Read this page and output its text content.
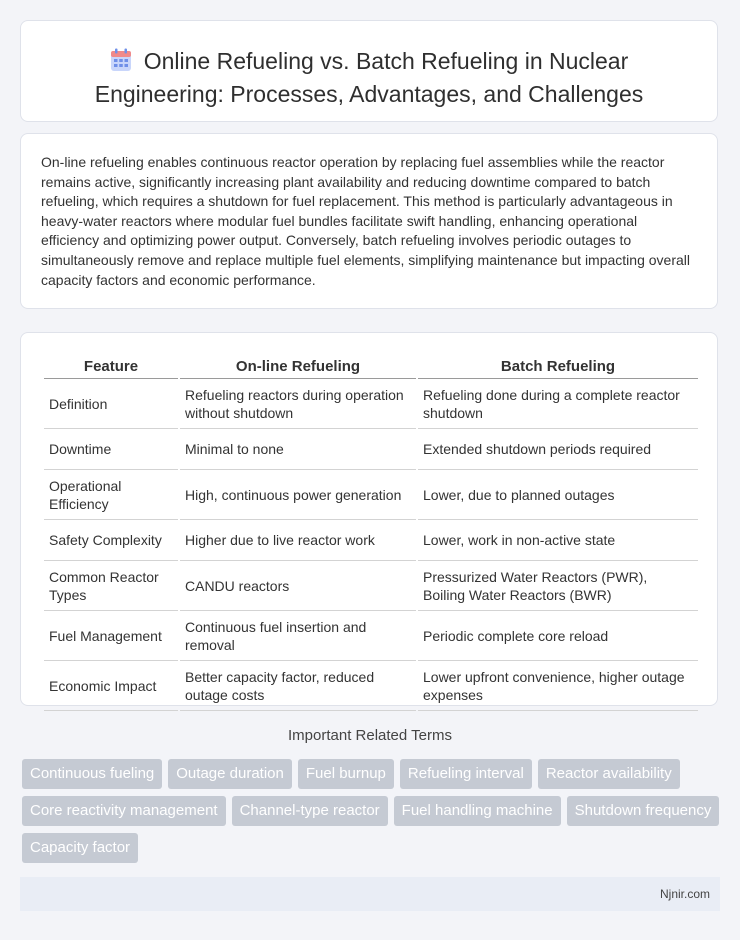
Online Refueling vs. Batch Refueling in Nuclear Engineering: Processes, Advantages, and Challenges

On-line refueling enables continuous reactor operation by replacing fuel assemblies while the reactor remains active, significantly increasing plant availability and reducing downtime compared to batch refueling, which requires a shutdown for fuel replacement. This method is particularly advantageous in heavy-water reactors where modular fuel bundles facilitate swift handling, enhancing operational efficiency and optimizing power output. Conversely, batch refueling involves periodic outages to simultaneously remove and replace multiple fuel elements, simplifying maintenance but impacting overall capacity factors and economic performance.

Feature	On-line Refueling	Batch Refueling
Definition	Refueling reactors during operation without shutdown	Refueling done during a complete reactor shutdown
Downtime	Minimal to none	Extended shutdown periods required
Operational Efficiency	High, continuous power generation	Lower, due to planned outages
Safety Complexity	Higher due to live reactor work	Lower, work in non-active state
Common Reactor Types	CANDU reactors	Pressurized Water Reactors (PWR), Boiling Water Reactors (BWR)
Fuel Management	Continuous fuel insertion and removal	Periodic complete core reload
Economic Impact	Better capacity factor, reduced outage costs	Lower upfront convenience, higher outage expenses
Important Related Terms
Continuous fueling	Outage duration	Fuel burnup	Refueling interval	Reactor availability
Core reactivity management	Channel-type reactor	Fuel handling machine	Shutdown frequency
Capacity factor
Njnir.com
